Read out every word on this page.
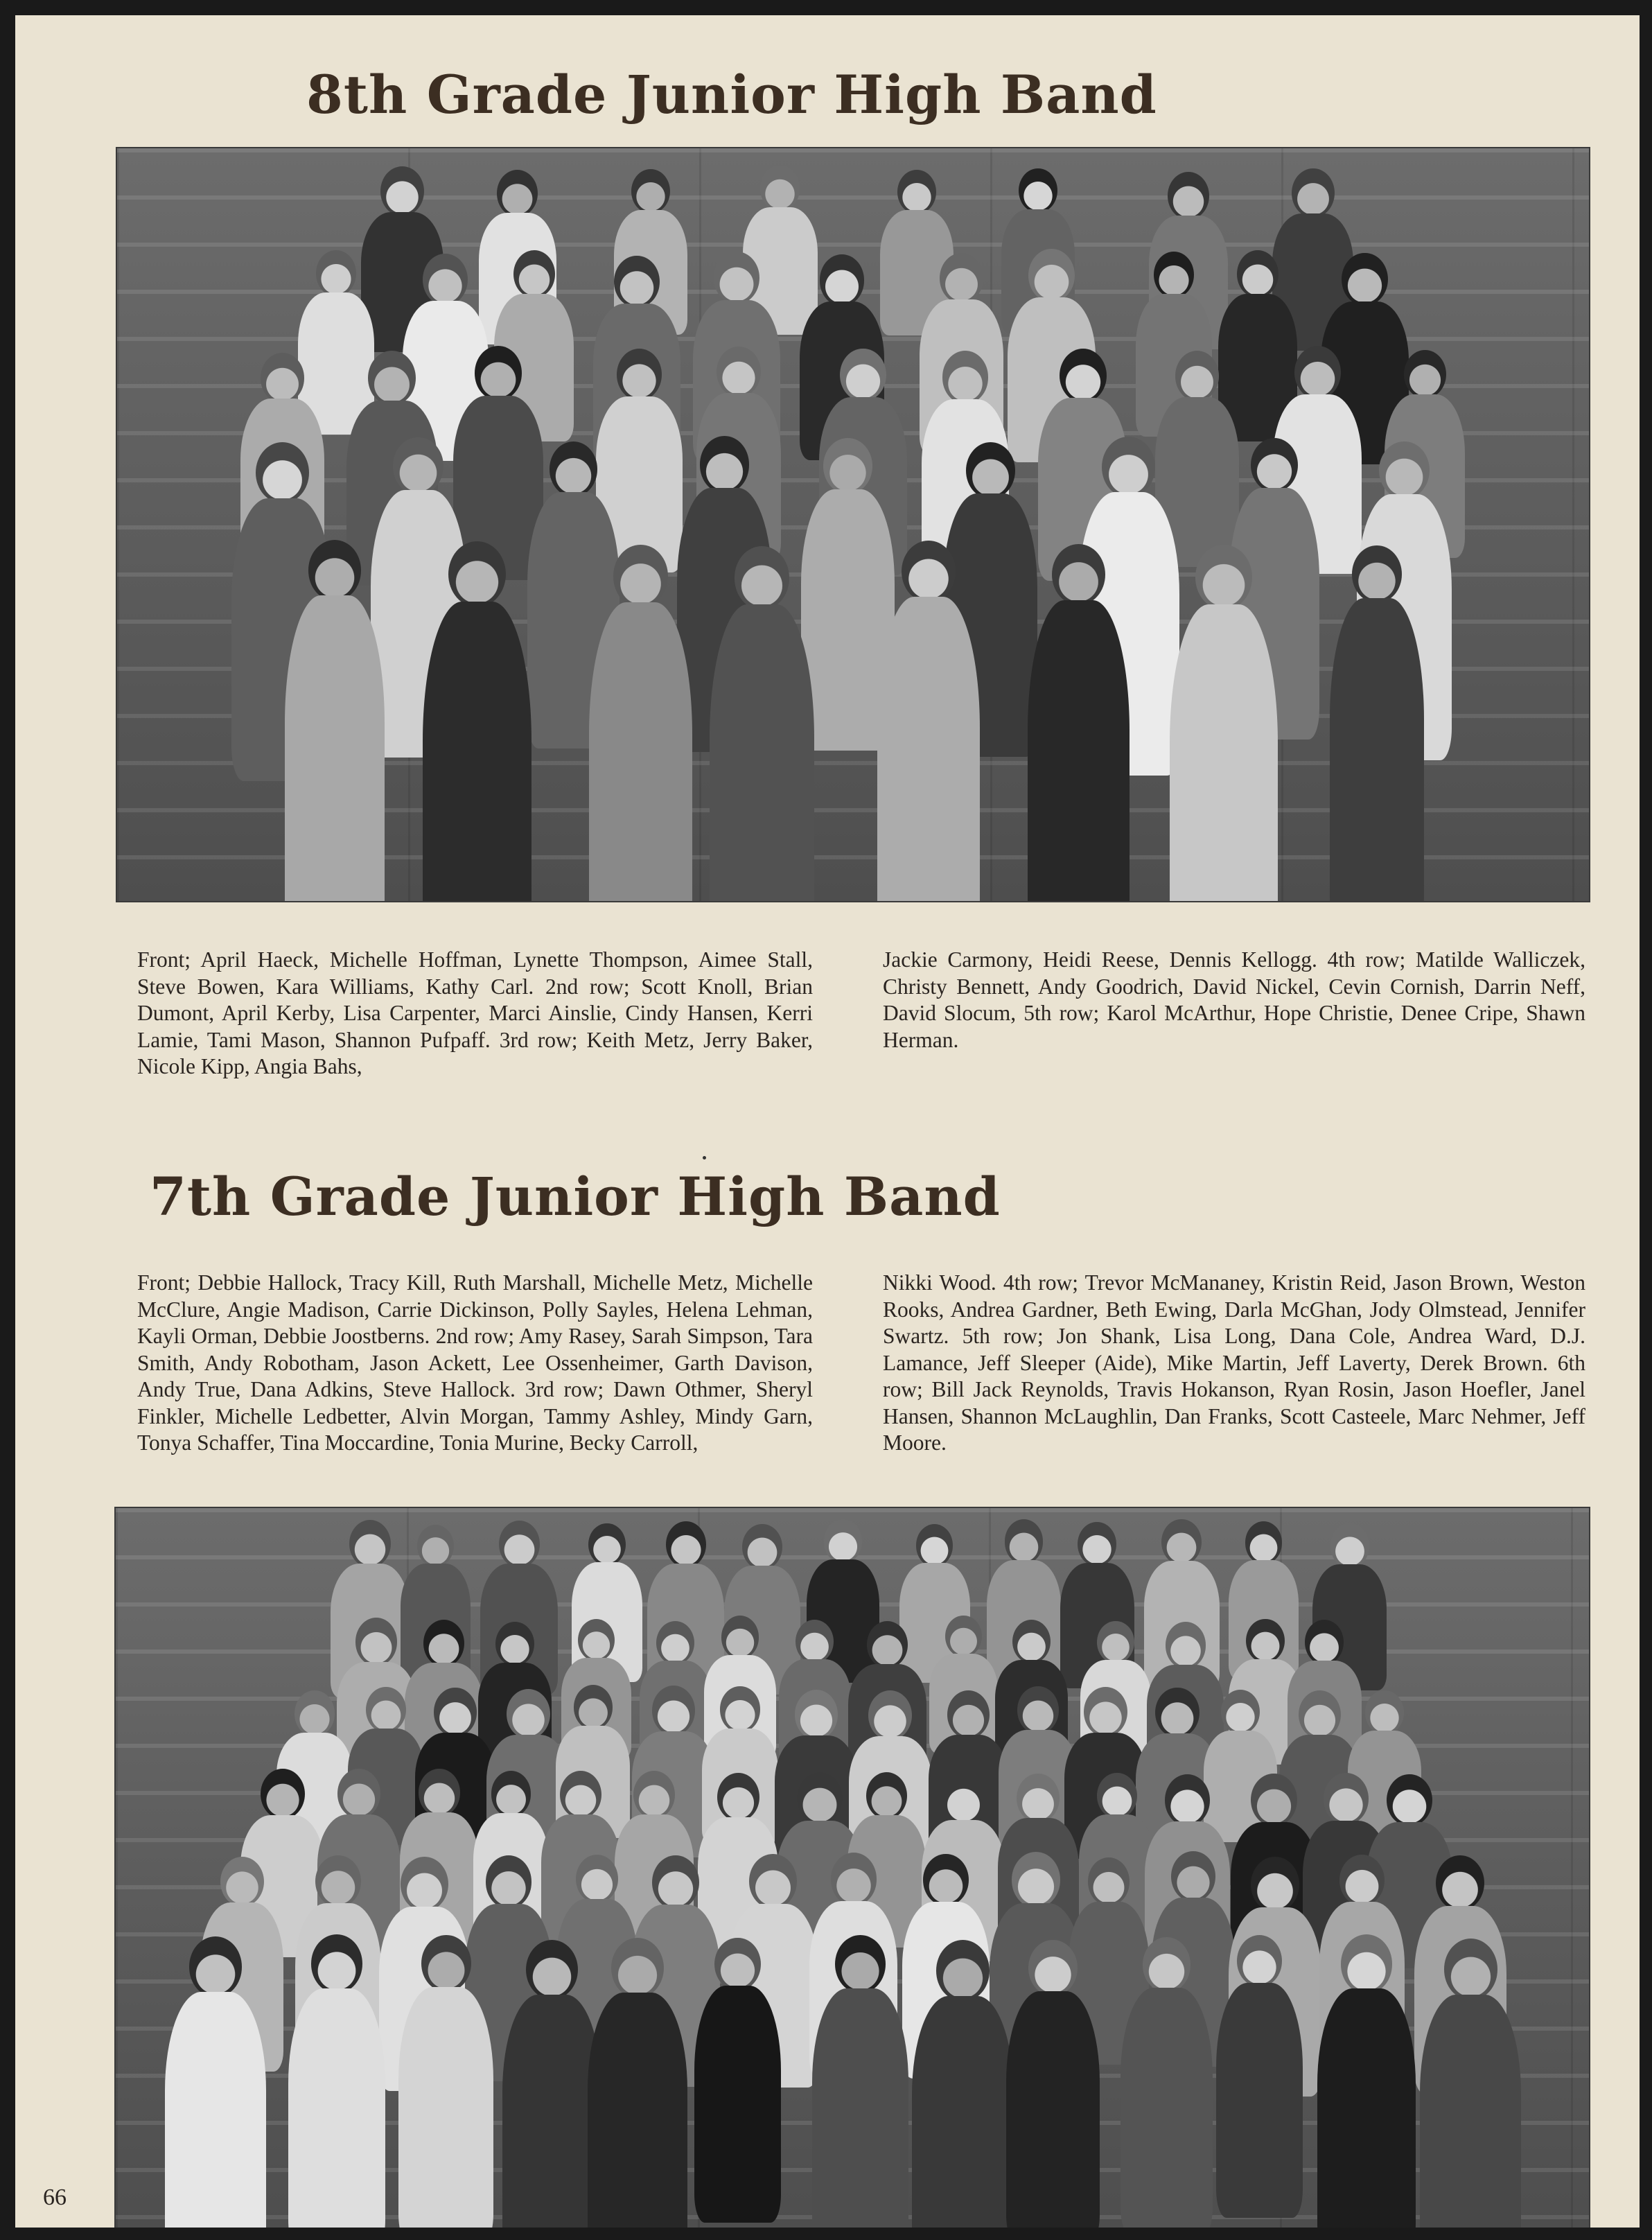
8th Grade Junior High Band

Front; April Haeck, Michelle Hoffman, Lynette Thompson, Aimee Stall, Steve Bowen, Kara Williams, Kathy Carl. 2nd row; Scott Knoll, Brian Dumont, April Kerby, Lisa Carpenter, Marci Ainslie, Cindy Hansen, Kerri Lamie, Tami Mason, Shannon Pufpaff. 3rd row; Keith Metz, Jerry Baker, Nicole Kipp, Angia Bahs,

Jackie Carmony, Heidi Reese, Dennis Kellogg. 4th row; Matilde Walliczek, Christy Bennett, Andy Goodrich, David Nickel, Cevin Cornish, Darrin Neff, David Slocum, 5th row; Karol McArthur, Hope Christie, Denee Cripe, Shawn Herman.

7th Grade Junior High Band

Front; Debbie Hallock, Tracy Kill, Ruth Marshall, Michelle Metz, Michelle McClure, Angie Madison, Carrie Dickinson, Polly Sayles, Helena Lehman, Kayli Orman, Debbie Joostberns. 2nd row; Amy Rasey, Sarah Simpson, Tara Smith, Andy Robotham, Jason Ackett, Lee Ossenheimer, Garth Davison, Andy True, Dana Adkins, Steve Hallock. 3rd row; Dawn Othmer, Sheryl Finkler, Michelle Ledbetter, Alvin Morgan, Tammy Ashley, Mindy Garn, Tonya Schaffer, Tina Moccardine, Tonia Murine, Becky Carroll,

Nikki Wood. 4th row; Trevor McMananey, Kristin Reid, Jason Brown, Weston Rooks, Andrea Gardner, Beth Ewing, Darla McGhan, Jody Olmstead, Jennifer Swartz. 5th row; Jon Shank, Lisa Long, Dana Cole, Andrea Ward, D.J. Lamance, Jeff Sleeper (Aide), Mike Martin, Jeff Laverty, Derek Brown. 6th row; Bill Jack Reynolds, Travis Hokanson, Ryan Rosin, Jason Hoefler, Janel Hansen, Shannon McLaughlin, Dan Franks, Scott Casteele, Marc Nehmer, Jeff Moore.

66
